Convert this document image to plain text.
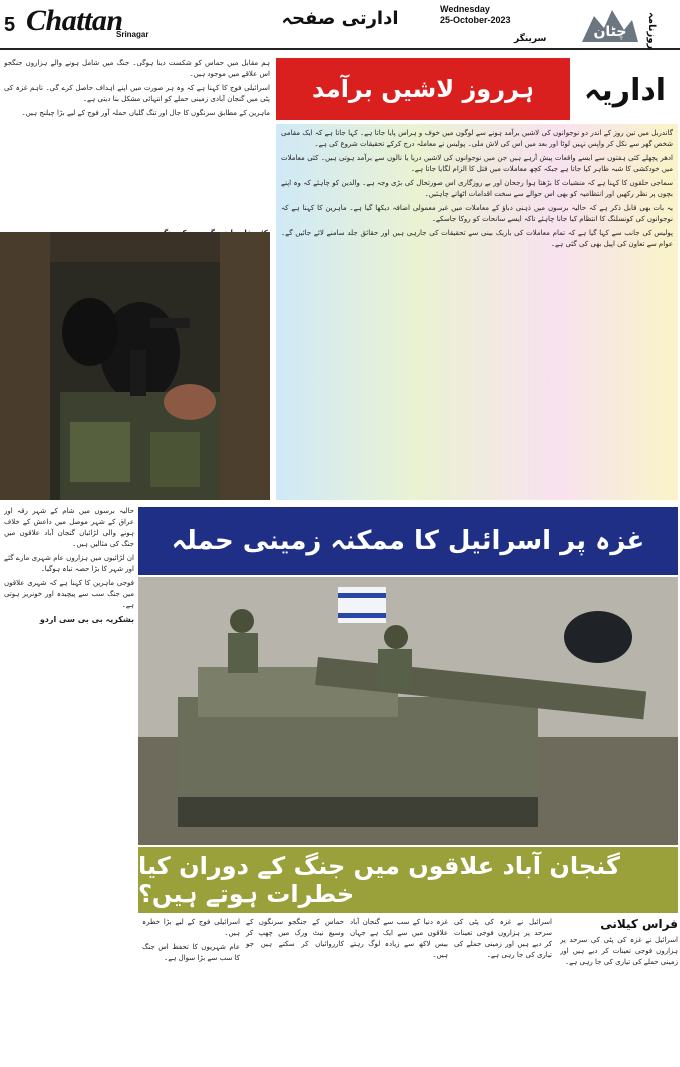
5 Chattan
Srinagar
ادارتی صفحہ	Wednesday
25-October-2023
سرینگر	چٹان روزنامہ
اداریہ
ہرروز لاشیں برآمد

گاندربل میں تین روز کے اندر دو نوجوانوں کی لاشیں برآمد ہونے سے لوگوں میں خوف و ہراس پایا جاتا ہے۔ کہا جاتا ہے کہ ایک مقامی شخص گھر سے نکل کر واپس نہیں لوٹا اور بعد میں اس کی لاش ملی۔ پولیس نے معاملہ درج کرکے تحقیقات شروع کی ہے۔

ادھر پچھلے کئی ہفتوں سے ایسے واقعات پیش آرہے ہیں جن میں نوجوانوں کی لاشیں دریا یا نالوں سے برآمد ہوتی ہیں۔ کئی معاملات میں خودکشی کا شبہ ظاہر کیا جاتا ہے جبکہ کچھ معاملات میں قتل کا الزام لگایا جاتا ہے۔

سماجی حلقوں کا کہنا ہے کہ منشیات کا بڑھتا ہوا رجحان اور بے روزگاری اس صورتحال کی بڑی وجہ ہے۔ والدین کو چاہئے کہ وہ اپنے بچوں پر نظر رکھیں اور انتظامیہ کو بھی اس حوالے سے سخت اقدامات اٹھانے چاہئیں۔

یہ بات بھی قابل ذکر ہے کہ حالیہ برسوں میں ذہنی دباؤ کے معاملات میں غیر معمولی اضافہ دیکھا گیا ہے۔ ماہرین کا کہنا ہے کہ نوجوانوں کی کونسلنگ کا انتظام کیا جانا چاہئے تاکہ ایسے سانحات کو روکا جاسکے۔

پولیس کی جانب سے کہا گیا ہے کہ تمام معاملات کی باریک بینی سے تحقیقات کی جارہی ہیں اور حقائق جلد سامنے لائے جائیں گے۔ عوام سے تعاون کی اپیل بھی کی گئی ہے۔

ہم مقابل میں حماس کو شکست دینا ہوگی۔ جنگ میں شامل ہونے والے ہزاروں جنگجو اس علاقے میں موجود ہیں۔

اسرائیلی فوج کا کہنا ہے کہ وہ ہر صورت میں اپنے اہداف حاصل کرے گی۔ تاہم غزہ کی پٹی میں گنجان آبادی زمینی حملے کو انتہائی مشکل بنا دیتی ہے۔

ماہرین کے مطابق سرنگوں کا جال اور تنگ گلیاں حملہ آور فوج کے لیے بڑا چیلنج ہیں۔

حالیہ برسوں میں شام کے شہر رقہ اور عراق کے شہر موصل میں داعش کے خلاف ہونے والی لڑائیاں گنجان آباد علاقوں میں جنگ کی مثالیں ہیں۔

ان لڑائیوں میں ہزاروں عام شہری مارے گئے اور شہر کا بڑا حصہ تباہ ہوگیا۔

فوجی ماہرین کا کہنا ہے کہ شہری علاقوں میں جنگ سب سے پیچیدہ اور خونریز ہوتی ہے۔

بشکریہ بی بی سی اردو

غزہ پر اسرائیل کا ممکنہ زمینی حملہ
گنجان آباد علاقوں میں جنگ کے دوران کیا خطرات ہوتے ہیں؟
فراس کیلانی

اسرائیل نے غزہ کی پٹی کی سرحد پر ہزاروں فوجی تعینات کر دیے ہیں اور زمینی حملے کی تیاری کی جا رہی ہے۔

غزہ دنیا کے سب سے گنجان آباد علاقوں میں سے ایک ہے جہاں بیس لاکھ سے زیادہ لوگ رہتے ہیں۔

حماس کے جنگجو سرنگوں کے وسیع نیٹ ورک میں چھپ کر کارروائیاں کر سکتے ہیں جو اسرائیلی فوج کے لیے بڑا خطرہ ہیں۔

عام شہریوں کا تحفظ اس جنگ کا سب سے بڑا سوال ہے۔

اسرائیل نے غزہ کی پٹی کی سرحد پر ہزاروں فوجی تعینات کر دیے ہیں اور زمینی حملے کی تیاری کی جا رہی ہے۔
